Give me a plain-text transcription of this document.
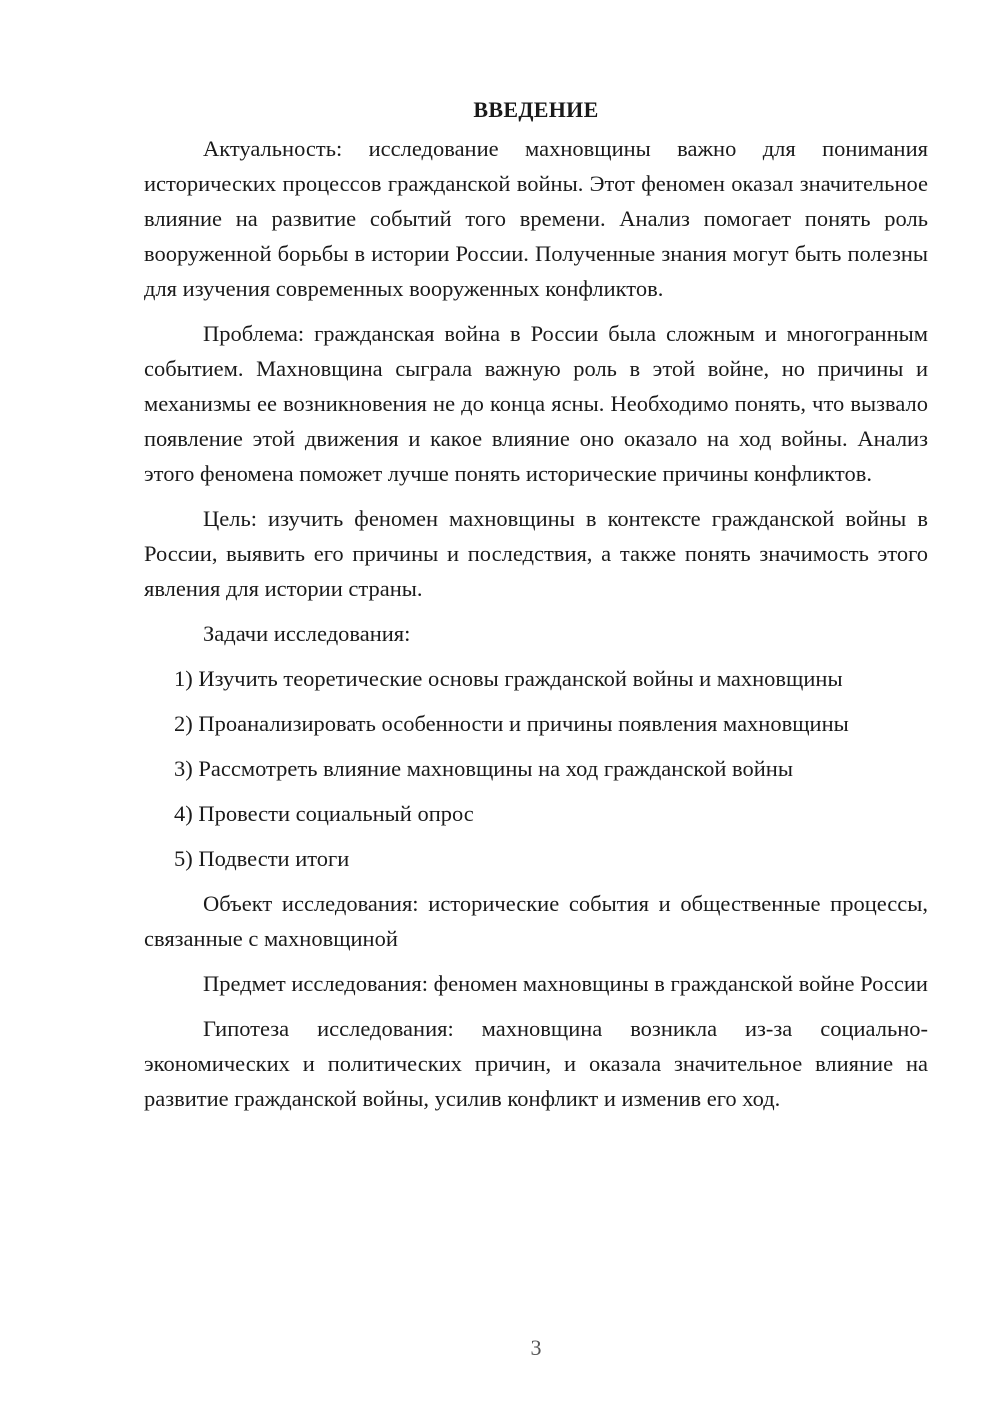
ВВЕДЕНИЕ

Актуальность: исследование махновщины важно для понимания исторических процессов гражданской войны. Этот феномен оказал значительное влияние на развитие событий того времени. Анализ помогает понять роль вооруженной борьбы в истории России. Полученные знания могут быть полезны для изучения современных вооруженных конфликтов.

Проблема: гражданская война в России была сложным и многогранным событием. Махновщина сыграла важную роль в этой войне, но причины и механизмы ее возникновения не до конца ясны. Необходимо понять, что вызвало появление этой движения и какое влияние оно оказало на ход войны. Анализ этого феномена поможет лучше понять исторические причины конфликтов.

Цель: изучить феномен махновщины в контексте гражданской войны в России, выявить его причины и последствия, а также понять значимость этого явления для истории страны.

Задачи исследования:

1) Изучить теоретические основы гражданской войны и махновщины
2) Проанализировать особенности и причины появления махновщины
3) Рассмотреть влияние махновщины на ход гражданской войны
4) Провести социальный опрос
5) Подвести итоги

Объект исследования: исторические события и общественные процессы, связанные с махновщиной

Предмет исследования: феномен махновщины в гражданской войне России

Гипотеза исследования: махновщина возникла из-за социально-экономических и политических причин, и оказала значительное влияние на развитие гражданской войны, усилив конфликт и изменив его ход.

3
